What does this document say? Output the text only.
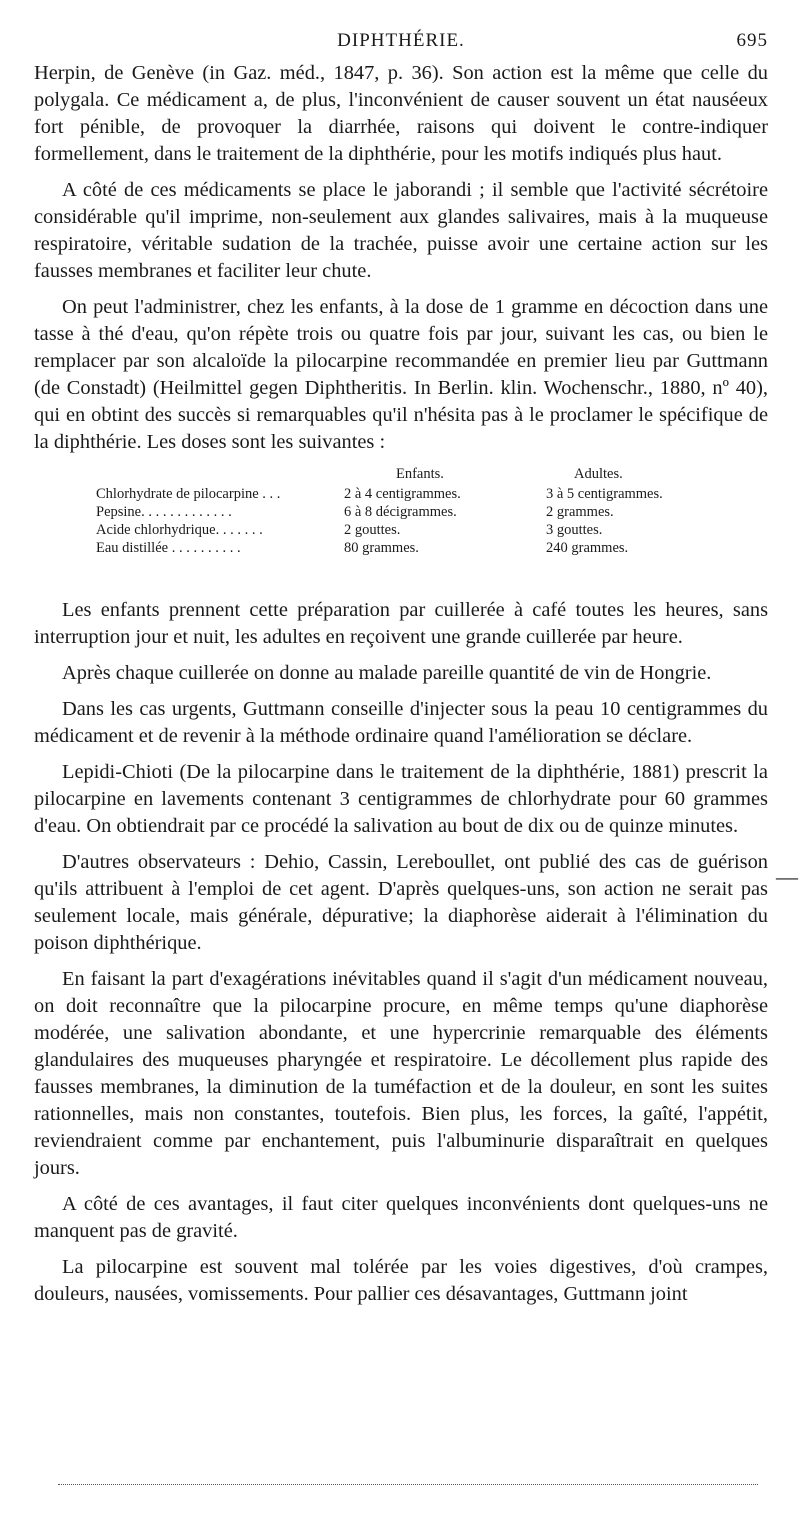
DIPHTHÉRIE.	695

Herpin, de Genève (in Gaz. méd., 1847, p. 36). Son action est la même que celle du polygala. Ce médicament a, de plus, l'inconvénient de causer souvent un état nauséeux fort pénible, de provoquer la diarrhée, raisons qui doivent le contre-indiquer formellement, dans le traitement de la diphthérie, pour les motifs indiqués plus haut.

A côté de ces médicaments se place le jaborandi ; il semble que l'activité sécrétoire considérable qu'il imprime, non-seulement aux glandes salivaires, mais à la muqueuse respiratoire, véritable sudation de la trachée, puisse avoir une certaine action sur les fausses membranes et faciliter leur chute.

On peut l'administrer, chez les enfants, à la dose de 1 gramme en décoction dans une tasse à thé d'eau, qu'on répète trois ou quatre fois par jour, suivant les cas, ou bien le remplacer par son alcaloïde la pilocarpine recommandée en premier lieu par Guttmann (de Constadt) (Heilmittel gegen Diphtheritis. In Berlin. klin. Wochenschr., 1880, nº 40), qui en obtint des succès si remarquables qu'il n'hésita pas à le proclamer le spécifique de la diphthérie. Les doses sont les suivantes :

	Enfants.	Adultes.
Chlorhydrate de pilocarpine . . .	2 à 4 centigrammes.	3 à 5 centigrammes.
Pepsine. . . . . . . . . . . . .	6 à 8 décigrammes.	2 grammes.
Acide chlorhydrique. . . . . . .	2 gouttes.	3 gouttes.
Eau distillée . . . . . . . . . .	80 grammes.	240 grammes.

Les enfants prennent cette préparation par cuillerée à café toutes les heures, sans interruption jour et nuit, les adultes en reçoivent une grande cuillerée par heure.

Après chaque cuillerée on donne au malade pareille quantité de vin de Hongrie.

Dans les cas urgents, Guttmann conseille d'injecter sous la peau 10 centigrammes du médicament et de revenir à la méthode ordinaire quand l'amélioration se déclare.

Lepidi-Chioti (De la pilocarpine dans le traitement de la diphthérie, 1881) prescrit la pilocarpine en lavements contenant 3 centigrammes de chlorhydrate pour 60 grammes d'eau. On obtiendrait par ce procédé la salivation au bout de dix ou de quinze minutes.

D'autres observateurs : Dehio, Cassin, Lereboullet, ont publié des cas de guérison qu'ils attribuent à l'emploi de cet agent. D'après quelques-uns, son action ne serait pas seulement locale, mais générale, dépurative; la diaphorèse aiderait à l'élimination du poison diphthérique.

En faisant la part d'exagérations inévitables quand il s'agit d'un médicament nouveau, on doit reconnaître que la pilocarpine procure, en même temps qu'une diaphorèse modérée, une salivation abondante, et une hypercrinie remarquable des éléments glandulaires des muqueuses pharyngée et respiratoire. Le décollement plus rapide des fausses membranes, la diminution de la tuméfaction et de la douleur, en sont les suites rationnelles, mais non constantes, toutefois. Bien plus, les forces, la gaîté, l'appétit, reviendraient comme par enchantement, puis l'albuminurie disparaîtrait en quelques jours.

A côté de ces avantages, il faut citer quelques inconvénients dont quelques-uns ne manquent pas de gravité.

La pilocarpine est souvent mal tolérée par les voies digestives, d'où crampes, douleurs, nausées, vomissements. Pour pallier ces désavantages, Guttmann joint

—
